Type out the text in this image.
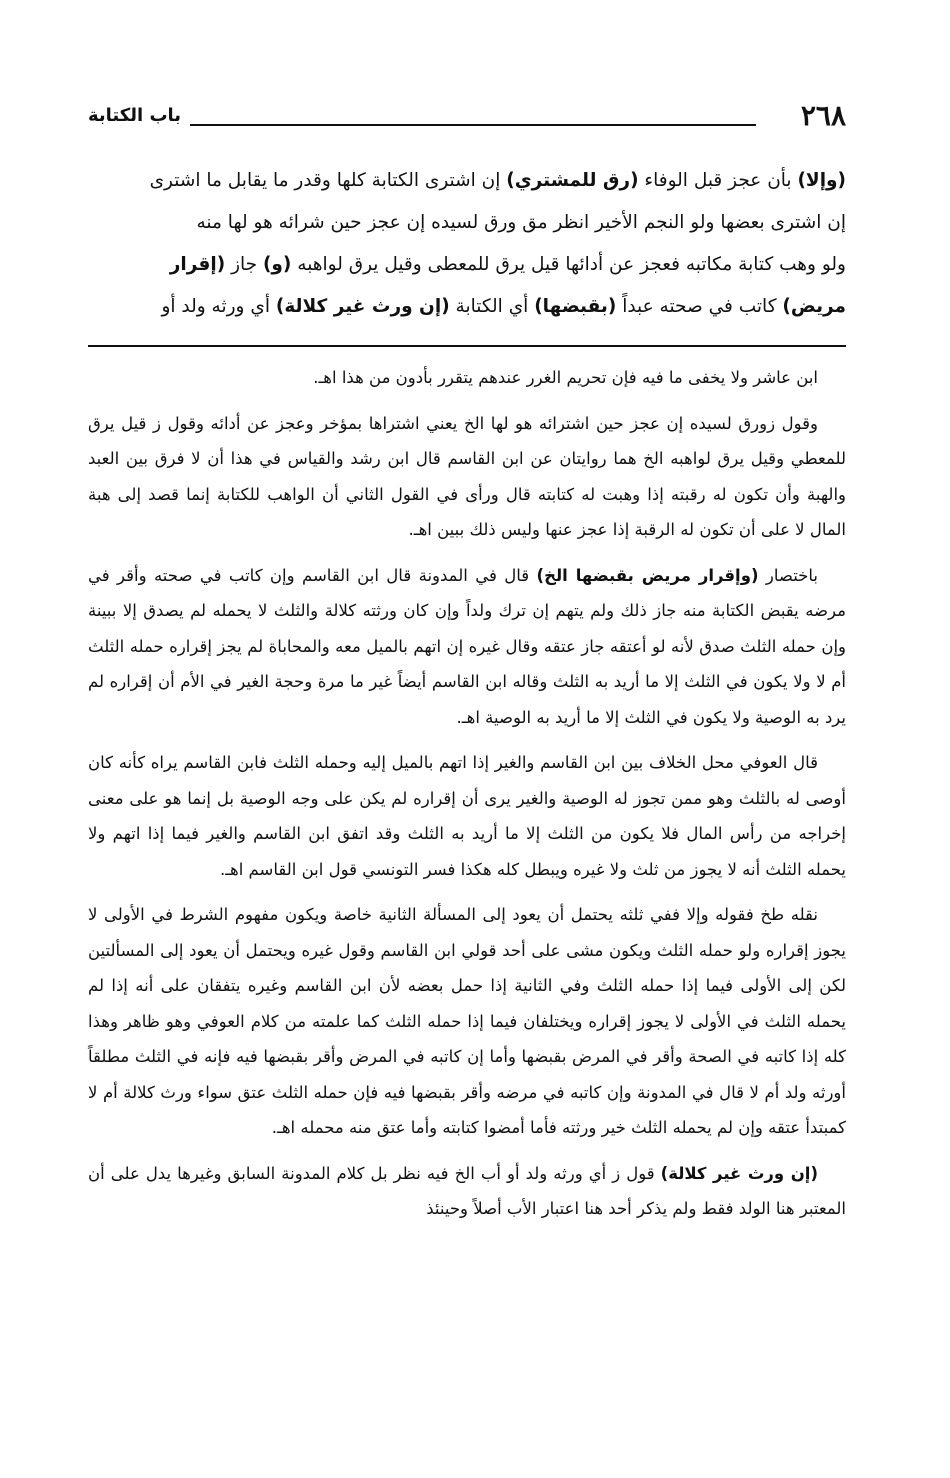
٢٦٨
باب الكتابة

(وإلا) بأن عجز قبل الوفاء (رق للمشتري) إن اشترى الكتابة كلها وقدر ما يقابل ما اشترى

إن اشترى بعضها ولو النجم الأخير انظر مق ورق لسيده إن عجز حين شرائه هو لها منه

ولو وهب كتابة مكاتبه فعجز عن أدائها قيل يرق للمعطى وقيل يرق لواهبه (و) جاز (إقرار

مريض) كاتب في صحته عبداً (بقبضها) أي الكتابة (إن ورث غير كلالة) أي ورثه ولد أو

ابن عاشر ولا يخفى ما فيه فإن تحريم الغرر عندهم يتقرر بأدون من هذا اهـ.

وقول زورق لسيده إن عجز حين اشترائه هو لها الخ يعني اشتراها بمؤخر وعجز عن أدائه وقول ز قيل يرق للمعطي وقيل يرق لواهبه الخ هما روايتان عن ابن القاسم قال ابن رشد والقياس في هذا أن لا فرق بين العبد والهبة وأن تكون له رقبته إذا وهبت له كتابته قال ورأى في القول الثاني أن الواهب للكتابة إنما قصد إلى هبة المال لا على أن تكون له الرقبة إذا عجز عنها وليس ذلك ببين اهـ.

باختصار (وإقرار مريض بقبضها الخ) قال في المدونة قال ابن القاسم وإن كاتب في صحته وأقر في مرضه يقبض الكتابة منه جاز ذلك ولم يتهم إن ترك ولداً وإن كان ورثته كلالة والثلث لا يحمله لم يصدق إلا ببينة وإن حمله الثلث صدق لأنه لو أعتقه جاز عتقه وقال غيره إن اتهم بالميل معه والمحاباة لم يجز إقراره حمله الثلث أم لا ولا يكون في الثلث إلا ما أريد به الثلث وقاله ابن القاسم أيضاً غير ما مرة وحجة الغير في الأم أن إقراره لم يرد به الوصية ولا يكون في الثلث إلا ما أريد به الوصية اهـ.

قال العوفي محل الخلاف بين ابن القاسم والغير إذا اتهم بالميل إليه وحمله الثلث فابن القاسم يراه كأنه كان أوصى له بالثلث وهو ممن تجوز له الوصية والغير يرى أن إقراره لم يكن على وجه الوصية بل إنما هو على معنى إخراجه من رأس المال فلا يكون من الثلث إلا ما أريد به الثلث وقد اتفق ابن القاسم والغير فيما إذا اتهم ولا يحمله الثلث أنه لا يجوز من ثلث ولا غيره ويبطل كله هكذا فسر التونسي قول ابن القاسم اهـ.

نقله طخ فقوله وإلا ففي ثلثه يحتمل أن يعود إلى المسألة الثانية خاصة ويكون مفهوم الشرط في الأولى لا يجوز إقراره ولو حمله الثلث ويكون مشى على أحد قولي ابن القاسم وقول غيره ويحتمل أن يعود إلى المسألتين لكن إلى الأولى فيما إذا حمله الثلث وفي الثانية إذا حمل بعضه لأن ابن القاسم وغيره يتفقان على أنه إذا لم يحمله الثلث في الأولى لا يجوز إقراره ويختلفان فيما إذا حمله الثلث كما علمته من كلام العوفي وهو ظاهر وهذا كله إذا كاتبه في الصحة وأقر في المرض بقبضها وأما إن كاتبه في المرض وأقر بقبضها فيه فإنه في الثلث مطلقاً أورثه ولد أم لا قال في المدونة وإن كاتبه في مرضه وأقر بقبضها فيه فإن حمله الثلث عتق سواء ورث كلالة أم لا كمبتدأ عتقه وإن لم يحمله الثلث خير ورثته فأما أمضوا كتابته وأما عتق منه محمله اهـ.

(إن ورث غير كلالة) قول ز أي ورثه ولد أو أب الخ فيه نظر بل كلام المدونة السابق وغيرها يدل على أن المعتبر هنا الولد فقط ولم يذكر أحد هنا اعتبار الأب أصلاً وحينئذ
